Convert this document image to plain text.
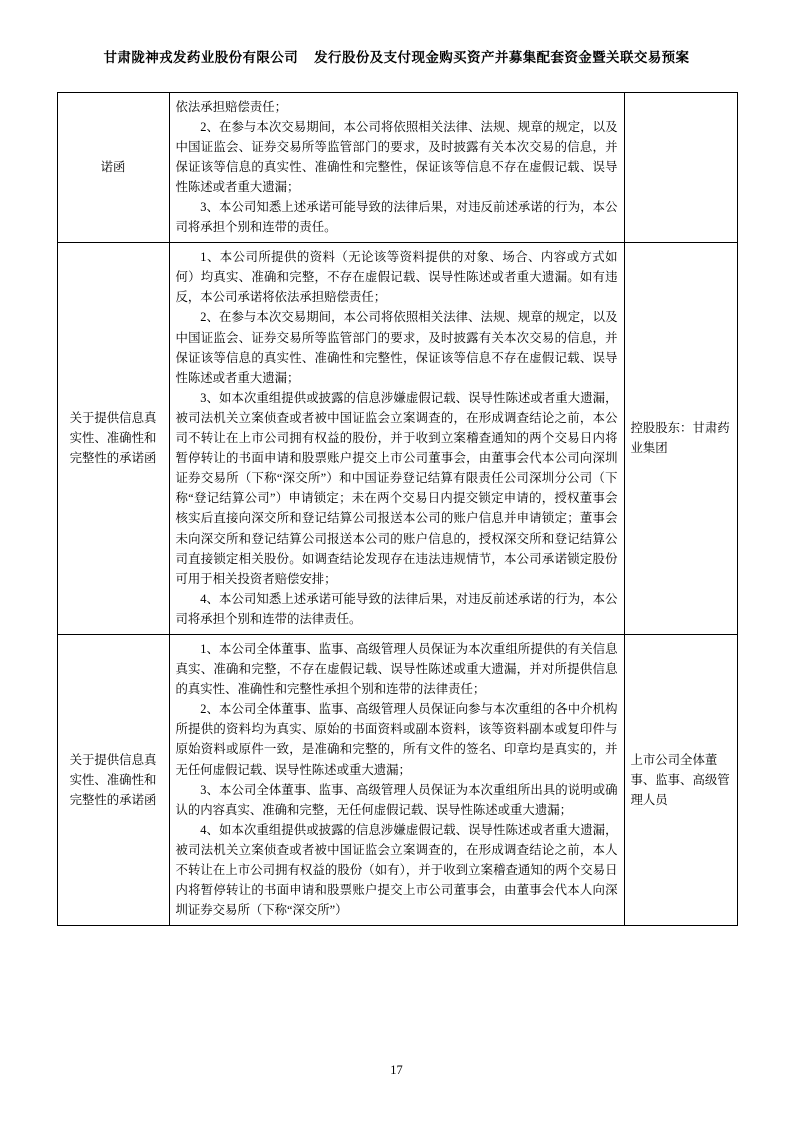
甘肃陇神戎发药业股份有限公司 发行股份及支付现金购买资产并募集配套资金暨关联交易预案
诺函	依法承担赔偿责任；

2、在参与本次交易期间，本公司将依照相关法律、法规、规章的规定，以及中国证监会、证券交易所等监管部门的要求，及时披露有关本次交易的信息，并保证该等信息的真实性、准确性和完整性，保证该等信息不存在虚假记载、误导性陈述或者重大遗漏；

3、本公司知悉上述承诺可能导致的法律后果，对违反前述承诺的行为，本公司将承担个别和连带的责任。	

关于提供信息真实性、准确性和完整性的承诺函	1、本公司所提供的资料（无论该等资料提供的对象、场合、内容或方式如何）均真实、准确和完整，不存在虚假记载、误导性陈述或者重大遗漏。如有违反，本公司承诺将依法承担赔偿责任；

2、在参与本次交易期间，本公司将依照相关法律、法规、规章的规定，以及中国证监会、证券交易所等监管部门的要求，及时披露有关本次交易的信息，并保证该等信息的真实性、准确性和完整性，保证该等信息不存在虚假记载、误导性陈述或者重大遗漏；

3、如本次重组提供或披露的信息涉嫌虚假记载、误导性陈述或者重大遗漏，被司法机关立案侦查或者被中国证监会立案调查的，在形成调查结论之前，本公司不转让在上市公司拥有权益的股份，并于收到立案稽查通知的两个交易日内将暂停转让的书面申请和股票账户提交上市公司董事会，由董事会代本公司向深圳证券交易所（下称“深交所”）和中国证券登记结算有限责任公司深圳分公司（下称“登记结算公司”）申请锁定；未在两个交易日内提交锁定申请的，授权董事会核实后直接向深交所和登记结算公司报送本公司的账户信息并申请锁定；董事会未向深交所和登记结算公司报送本公司的账户信息的，授权深交所和登记结算公司直接锁定相关股份。如调查结论发现存在违法违规情节，本公司承诺锁定股份可用于相关投资者赔偿安排；

4、本公司知悉上述承诺可能导致的法律后果，对违反前述承诺的行为，本公司将承担个别和连带的法律责任。	控股股东：甘肃药业集团

关于提供信息真实性、准确性和完整性的承诺函	1、本公司全体董事、监事、高级管理人员保证为本次重组所提供的有关信息真实、准确和完整，不存在虚假记载、误导性陈述或重大遗漏，并对所提供信息的真实性、准确性和完整性承担个别和连带的法律责任；

2、本公司全体董事、监事、高级管理人员保证向参与本次重组的各中介机构所提供的资料均为真实、原始的书面资料或副本资料，该等资料副本或复印件与原始资料或原件一致，是准确和完整的，所有文件的签名、印章均是真实的，并无任何虚假记载、误导性陈述或重大遗漏；

3、本公司全体董事、监事、高级管理人员保证为本次重组所出具的说明或确认的内容真实、准确和完整，无任何虚假记载、误导性陈述或重大遗漏；

4、如本次重组提供或披露的信息涉嫌虚假记载、误导性陈述或者重大遗漏，被司法机关立案侦查或者被中国证监会立案调查的，在形成调查结论之前，本人不转让在上市公司拥有权益的股份（如有），并于收到立案稽查通知的两个交易日内将暂停转让的书面申请和股票账户提交上市公司董事会，由董事会代本人向深圳证券交易所（下称“深交所”）	上市公司全体董事、监事、高级管理人员
17
